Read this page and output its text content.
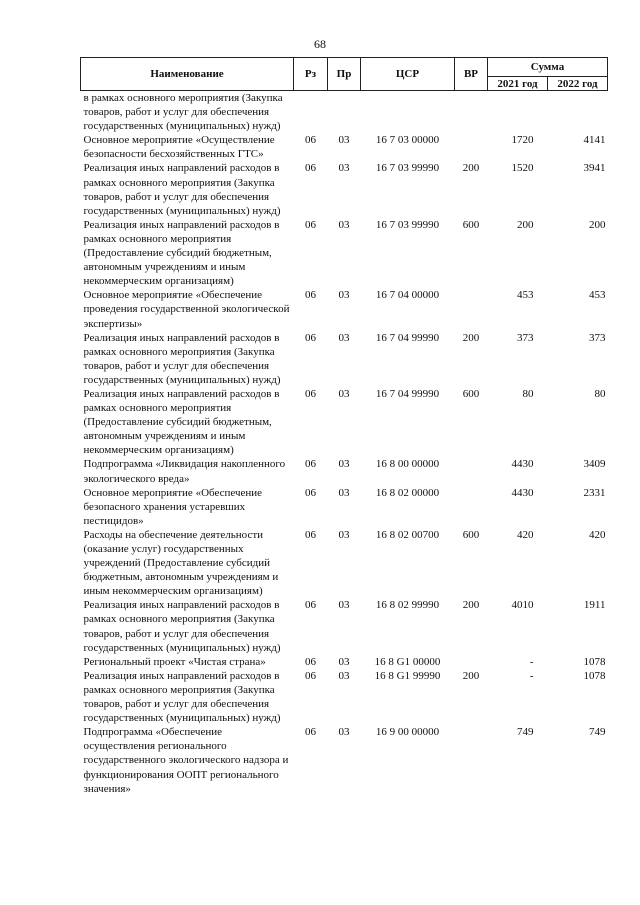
68
Наименование	Рз	Пр	ЦСР	ВР	Сумма	
					2021 год	2022 год
в рамках основного мероприятия (Закупка товаров, работ и услуг для обеспечения государственных (муниципальных) нужд)						
Основное мероприятие «Осуществление безопасности бесхозяйственных ГТС»	06	03	16 7 03 00000		1720	4141
Реализация иных направлений расходов в рамках основного мероприятия (Закупка товаров, работ и услуг для обеспечения государственных (муниципальных) нужд)	06	03	16 7 03 99990	200	1520	3941
Реализация иных направлений расходов в рамках основного мероприятия (Предоставление субсидий бюджетным, автономным учреждениям и иным некоммерческим организациям)	06	03	16 7 03 99990	600	200	200
Основное мероприятие «Обеспечение проведения государственной экологической экспертизы»	06	03	16 7 04 00000		453	453
Реализация иных направлений расходов в рамках основного мероприятия (Закупка товаров, работ и услуг для обеспечения государственных (муниципальных) нужд)	06	03	16 7 04 99990	200	373	373
Реализация иных направлений расходов в рамках основного мероприятия (Предоставление субсидий бюджетным, автономным учреждениям и иным некоммерческим организациям)	06	03	16 7 04 99990	600	80	80
Подпрограмма «Ликвидация накопленного экологического вреда»	06	03	16 8 00 00000		4430	3409
Основное мероприятие «Обеспечение безопасного хранения устаревших пестицидов»	06	03	16 8 02 00000		4430	2331
Расходы на обеспечение деятельности (оказание услуг) государственных учреждений (Предоставление субсидий бюджетным, автономным учреждениям и иным некоммерческим организациям)	06	03	16 8 02 00700	600	420	420
Реализация иных направлений расходов в рамках основного мероприятия (Закупка товаров, работ и услуг для обеспечения государственных (муниципальных) нужд)	06	03	16 8 02 99990	200	4010	1911
Региональный проект «Чистая страна»	06	03	16 8 G1 00000		-	1078
Реализация иных направлений расходов в рамках основного мероприятия (Закупка товаров, работ и услуг для обеспечения государственных (муниципальных) нужд)	06	03	16 8 G1 99990	200	-	1078
Подпрограмма «Обеспечение осуществления регионального государственного экологического надзора и функционирования ООПТ регионального значения»	06	03	16 9 00 00000		749	749
